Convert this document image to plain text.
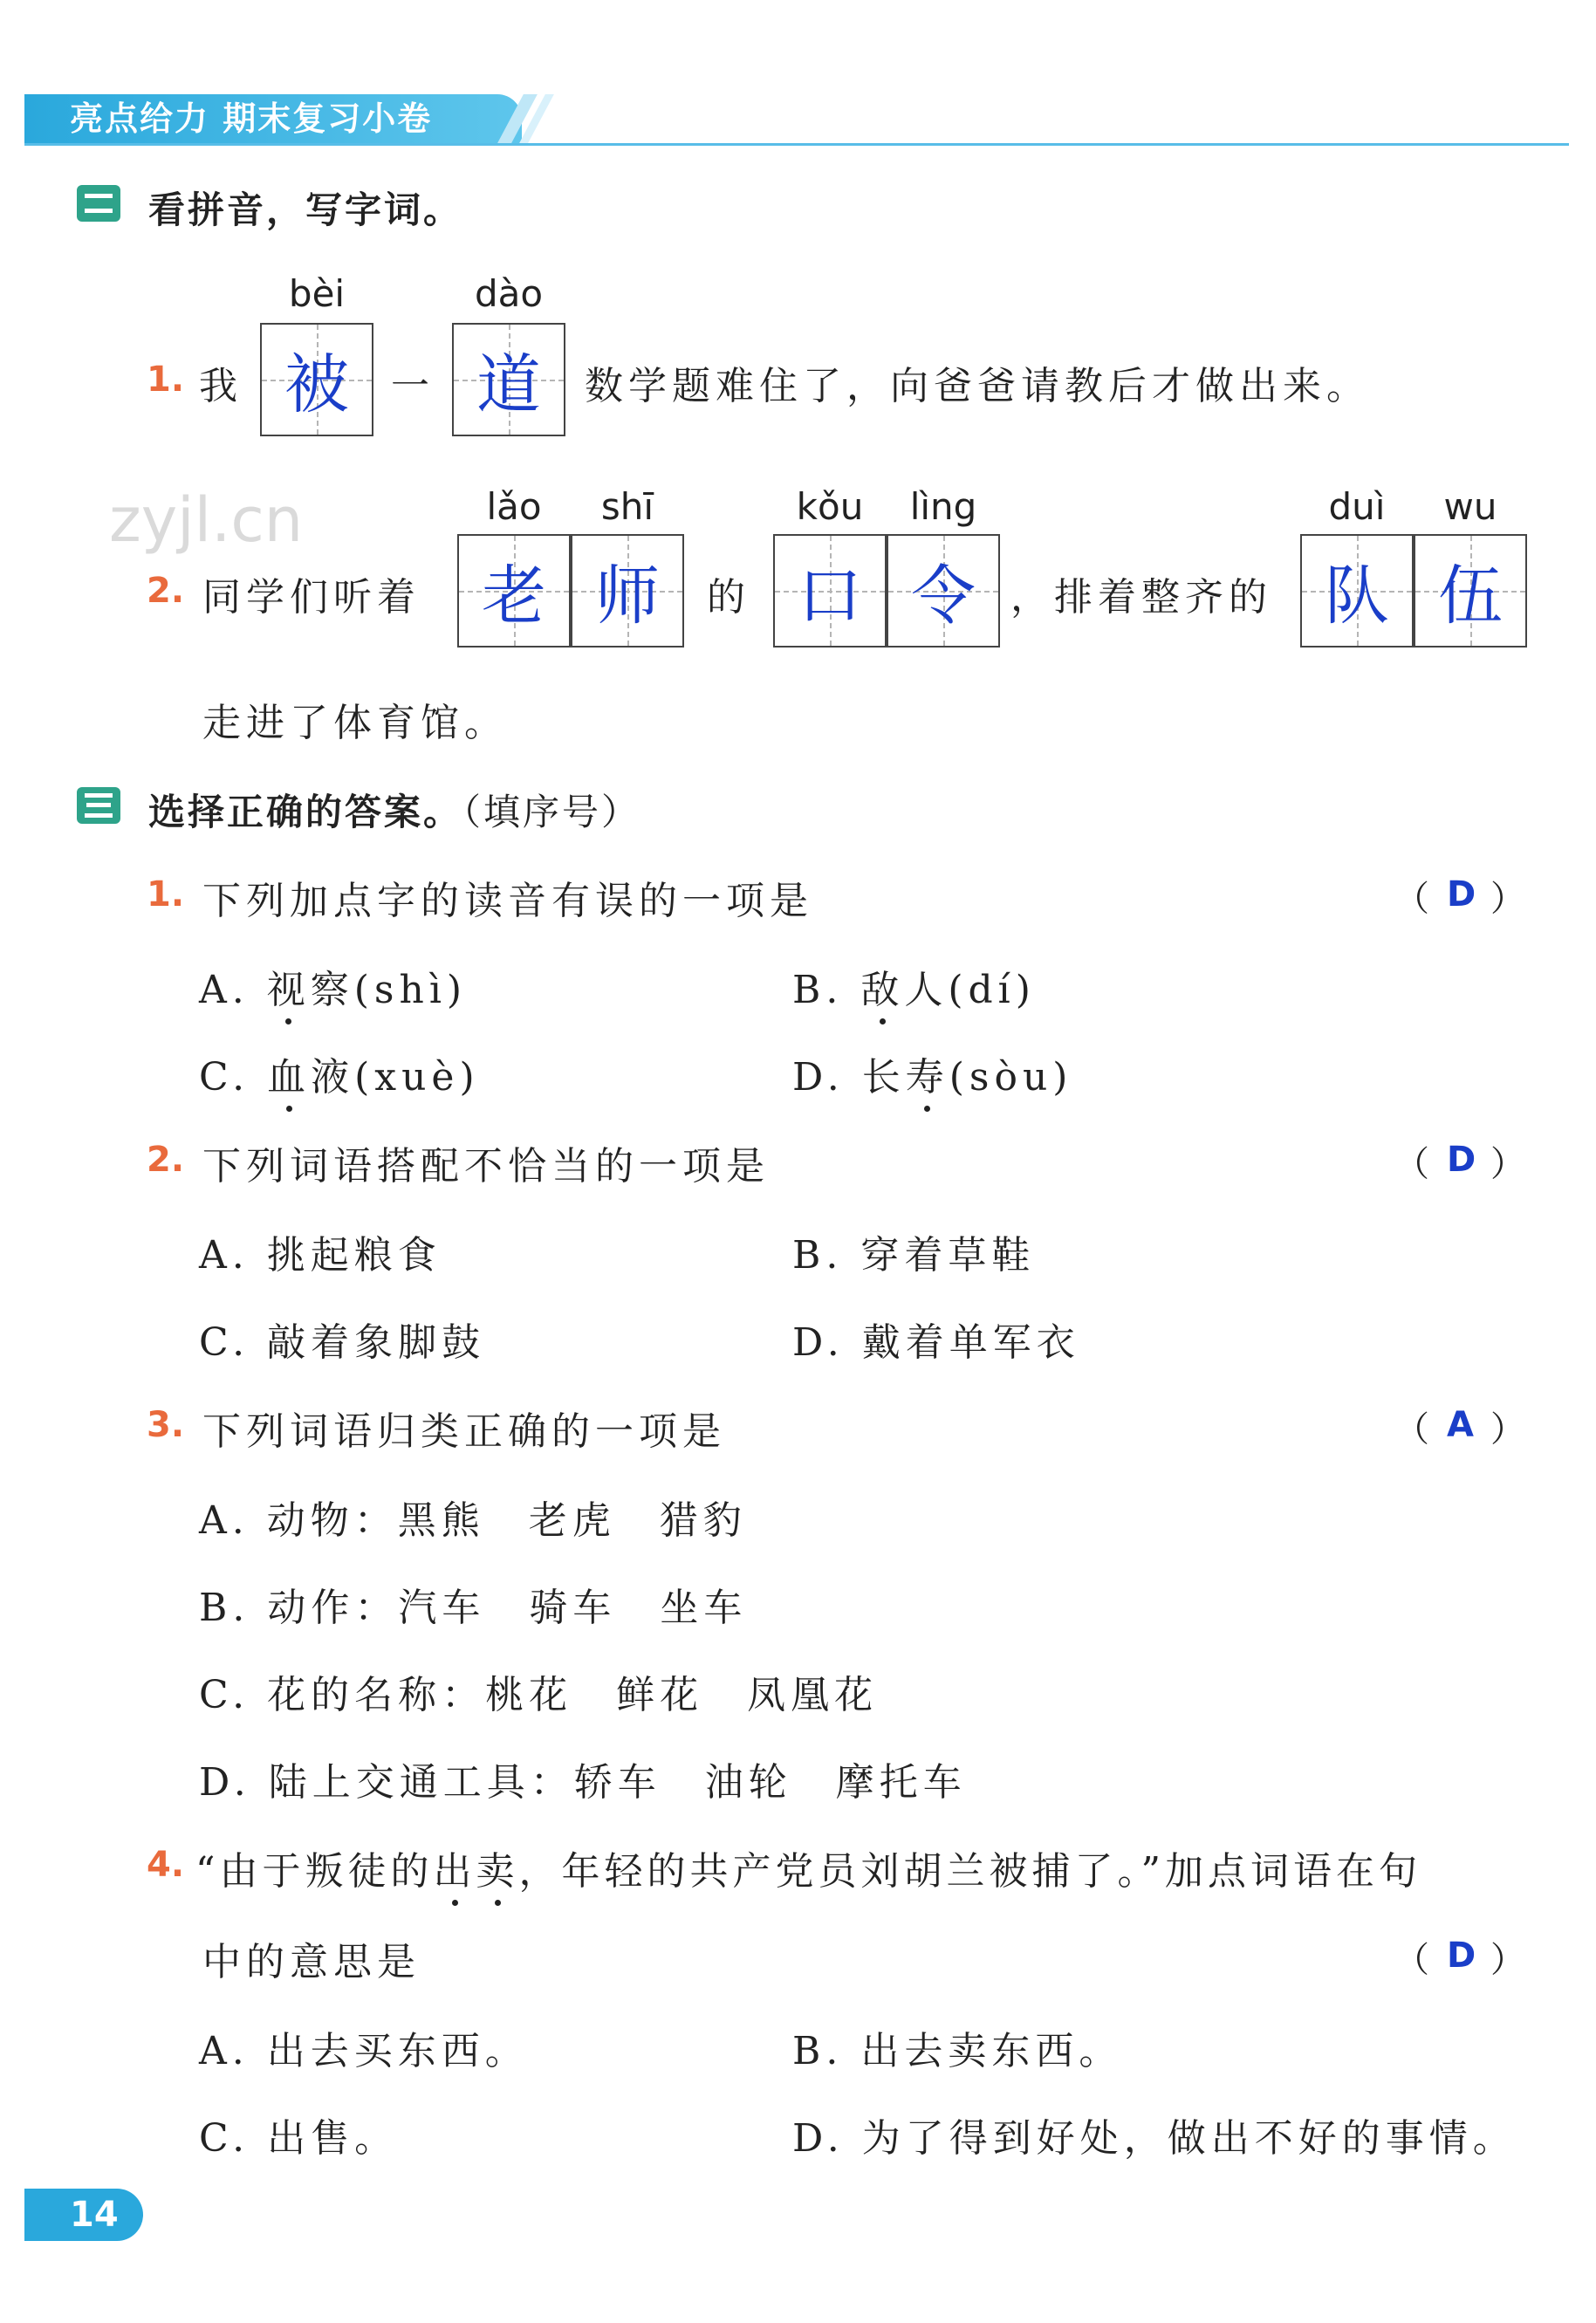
亮点给力 期末复习小卷
看拼音，写字词。
1. 我
bèi
被	一
dào
道	数学题难住了，向爸爸请教后才做出来。
zyjl.cn
2. 同学们听着
lǎo	shī
老 师	的
kǒu	lìng
口 令 ，排着整齐的
duì	wu
队 伍
走进了体育馆。
选择正确的答案。（填序号）
1. 下列加点字的读音有误的一项是	（ D ）
A. 视察(shì)	B. 敌人(dí)
C. 血液(xuè)	D. 长寿(sòu)
2. 下列词语搭配不恰当的一项是	（ D ）
A. 挑起粮食	B. 穿着草鞋
C. 敲着象脚鼓	D. 戴着单军衣
3. 下列词语归类正确的一项是	（ A ）
A. 动物：黑熊　老虎　猎豹
B. 动作：汽车　骑车　坐车
C. 花的名称：桃花　鲜花　凤凰花
D. 陆上交通工具：轿车　油轮　摩托车
4. “由于叛徒的出卖，年轻的共产党员刘胡兰被捕了。”加点词语在句
中的意思是	（ D ）
A. 出去买东西。	B. 出去卖东西。
C. 出售。	D. 为了得到好处，做出不好的事情。
14
